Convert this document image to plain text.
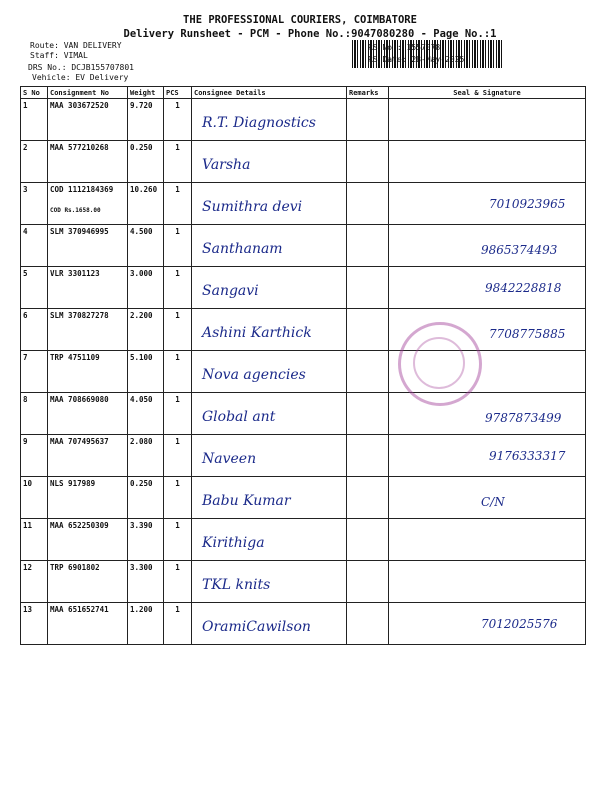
THE PROFESSIONAL COURIERS, COIMBATORE
Delivery Runsheet - PCM - Phone No.:9047080280 - Page No.:1
Route: VAN DELIVERY
Staff: VIMAL
DRS No.: DCJB155707801
Vehicle: EV Delivery
RS No.: 1557078
RS Date: 28-May-2025
S No	Consignment No	Weight	PCS	Consignee Details	Remarks	Seal & Signature
1	MAA 303672520	9.720	1	R.T. Diagnostics		

2	MAA 577210268	0.250	1	Varsha		

3	COD 1112184369
COD Rs.1658.00	10.260	1	Sumithra devi		7010923965

4	SLM 370946995	4.500	1	Santhanam		9865374493

5	VLR 3301123	3.000	1	Sangavi		9842228818

6	SLM 370827278	2.200	1	Ashini Karthick		7708775885

7	TRP 4751109	5.100	1	Nova agencies		

8	MAA 708669080	4.050	1	Global ant		9787873499

9	MAA 707495637	2.080	1	Naveen		9176333317

10	NLS 917989	0.250	1	Babu Kumar		C/N

11	MAA 652250309	3.390	1	Kirithiga		

12	TRP 6901802	3.300	1	TKL knits		

13	MAA 651652741	1.200	1	OramiCawilson		7012025576
